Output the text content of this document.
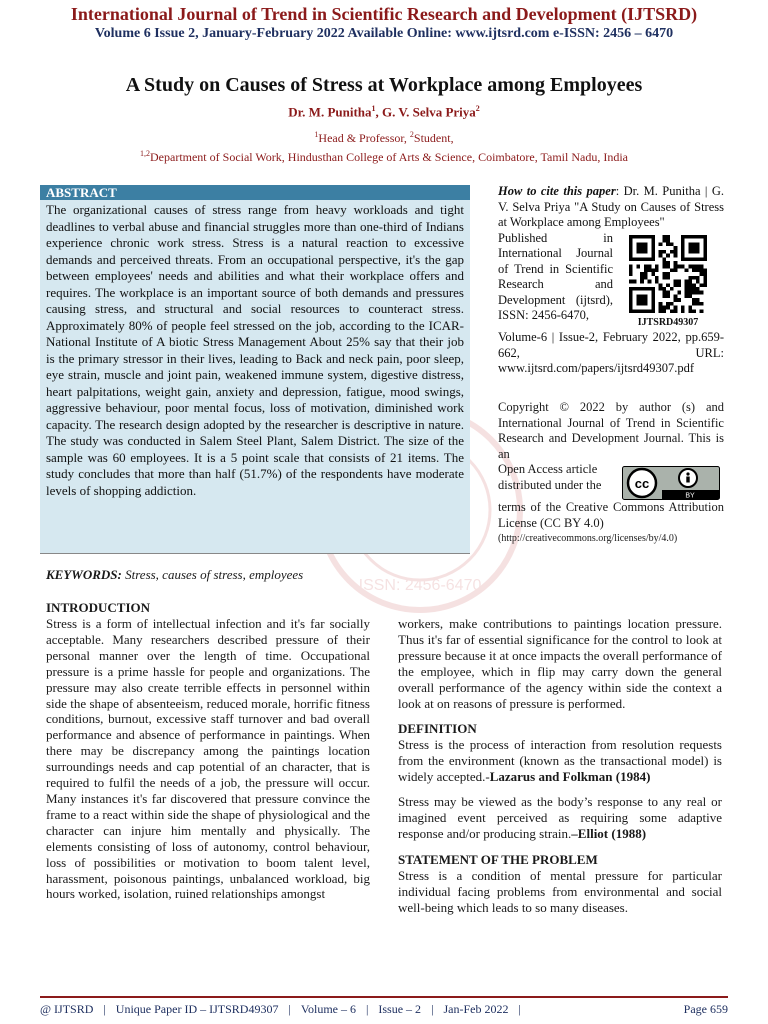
International Journal of Trend in Scientific Research and Development (IJTSRD)
Volume 6 Issue 2, January-February 2022 Available Online: www.ijtsrd.com e-ISSN: 2456 – 6470
A Study on Causes of Stress at Workplace among Employees
Dr. M. Punitha$^1$, G. V. Selva Priya$^2$
$^1$Head & Professor, $^2$Student,
$^{1,2}$Department of Social Work, Hindusthan College of Arts & Science, Coimbatore, Tamil Nadu, India
ISSN: 2456-6470
ABSTRACT
The organizational causes of stress range from heavy workloads and tight deadlines to verbal abuse and financial struggles more than one-third of Indians experience chronic work stress. Stress is a natural reaction to excessive demands and perceived threats. From an occupational perspective, it's the gap between employees' needs and abilities and what their workplace offers and requires. The workplace is an important source of both demands and pressures causing stress, and structural and social resources to counteract stress. Approximately 80% of people feel stressed on the job, according to the ICAR-National Institute of A biotic Stress Management About 25% say that their job is the primary stressor in their lives, leading to Back and neck pain, poor sleep, eye strain, muscle and joint pain, weakened immune system, digestive distress, heart palpitations, weight gain, anxiety and depression, fatigue, mood swings, aggressive behaviour, poor mental focus, loss of motivation, diminished work capacity. The research design adopted by the researcher is descriptive in nature. The study was conducted in Salem Steel Plant, Salem District. The size of the sample was 60 employees. It is a 5 point scale that consists of 21 items. The study concludes that more than half (51.7%) of the respondents have moderate levels of shopping addiction.
KEYWORDS: Stress, causes of stress, employees
How to cite this paper: Dr. M. Punitha | G. V. Selva Priya "A Study on Causes of Stress at Workplace among Employees"
Published in International Journal of Trend in Scientific Research and Development (ijtsrd), ISSN: 2456-6470,	IJTSRD49307
Volume-6 | Issue-2, February 2022, pp.659-662, URL: www.ijtsrd.com/papers/ijtsrd49307.pdf
Copyright © 2022 by author (s) and International Journal of Trend in Scientific Research and Development Journal. This is an
Open Access article distributed under the	cc
BY
terms of the Creative Commons Attribution License (CC BY 4.0)
(http://creativecommons.org/licenses/by/4.0)
INTRODUCTION

Stress is a form of intellectual infection and it's far socially acceptable. Many researchers described pressure of their personal manner over the length of time. Occupational pressure is a prime hassle for people and organizations. The pressure may also create terrible effects in personnel within side the shape of absenteeism, reduced morale, horrific fitness conditions, burnout, excessive staff turnover and bad overall performance and absence of performance in paintings. When there may be discrepancy among the paintings location surroundings needs and cap potential of an character, that is required to fulfil the needs of a job, the pressure will occur. Many instances it's far discovered that pressure convince the frame to a react within side the shape of physiological and the character can injure him mentally and physically. The elements consisting of loss of autonomy, control behaviour, loss of possibilities or motivation to boom talent level, harassment, poisonous paintings, unbalanced workload, big hours worked, isolation, ruined relationships amongst

workers, make contributions to paintings location pressure. Thus it's far of essential significance for the control to look at pressure because it at once impacts the overall performance of the employee, which in flip may carry down the general overall performance of the agency within side the context a look at on reasons of pressure is performed.

DEFINITION

Stress is the process of interaction from resolution requests from the environment (known as the transactional model) is widely accepted.-Lazarus and Folkman (1984)

Stress may be viewed as the body’s response to any real or imagined event perceived as requiring some adaptive response and/or producing strain.–Elliot (1988)

STATEMENT OF THE PROBLEM

Stress is a condition of mental pressure for particular individual facing problems from environmental and social well-being which leads to so many diseases.

@ IJTSRD | Unique Paper ID – IJTSRD49307 | Volume – 6 | Issue – 2 | Jan-Feb 2022 |	Page 659
